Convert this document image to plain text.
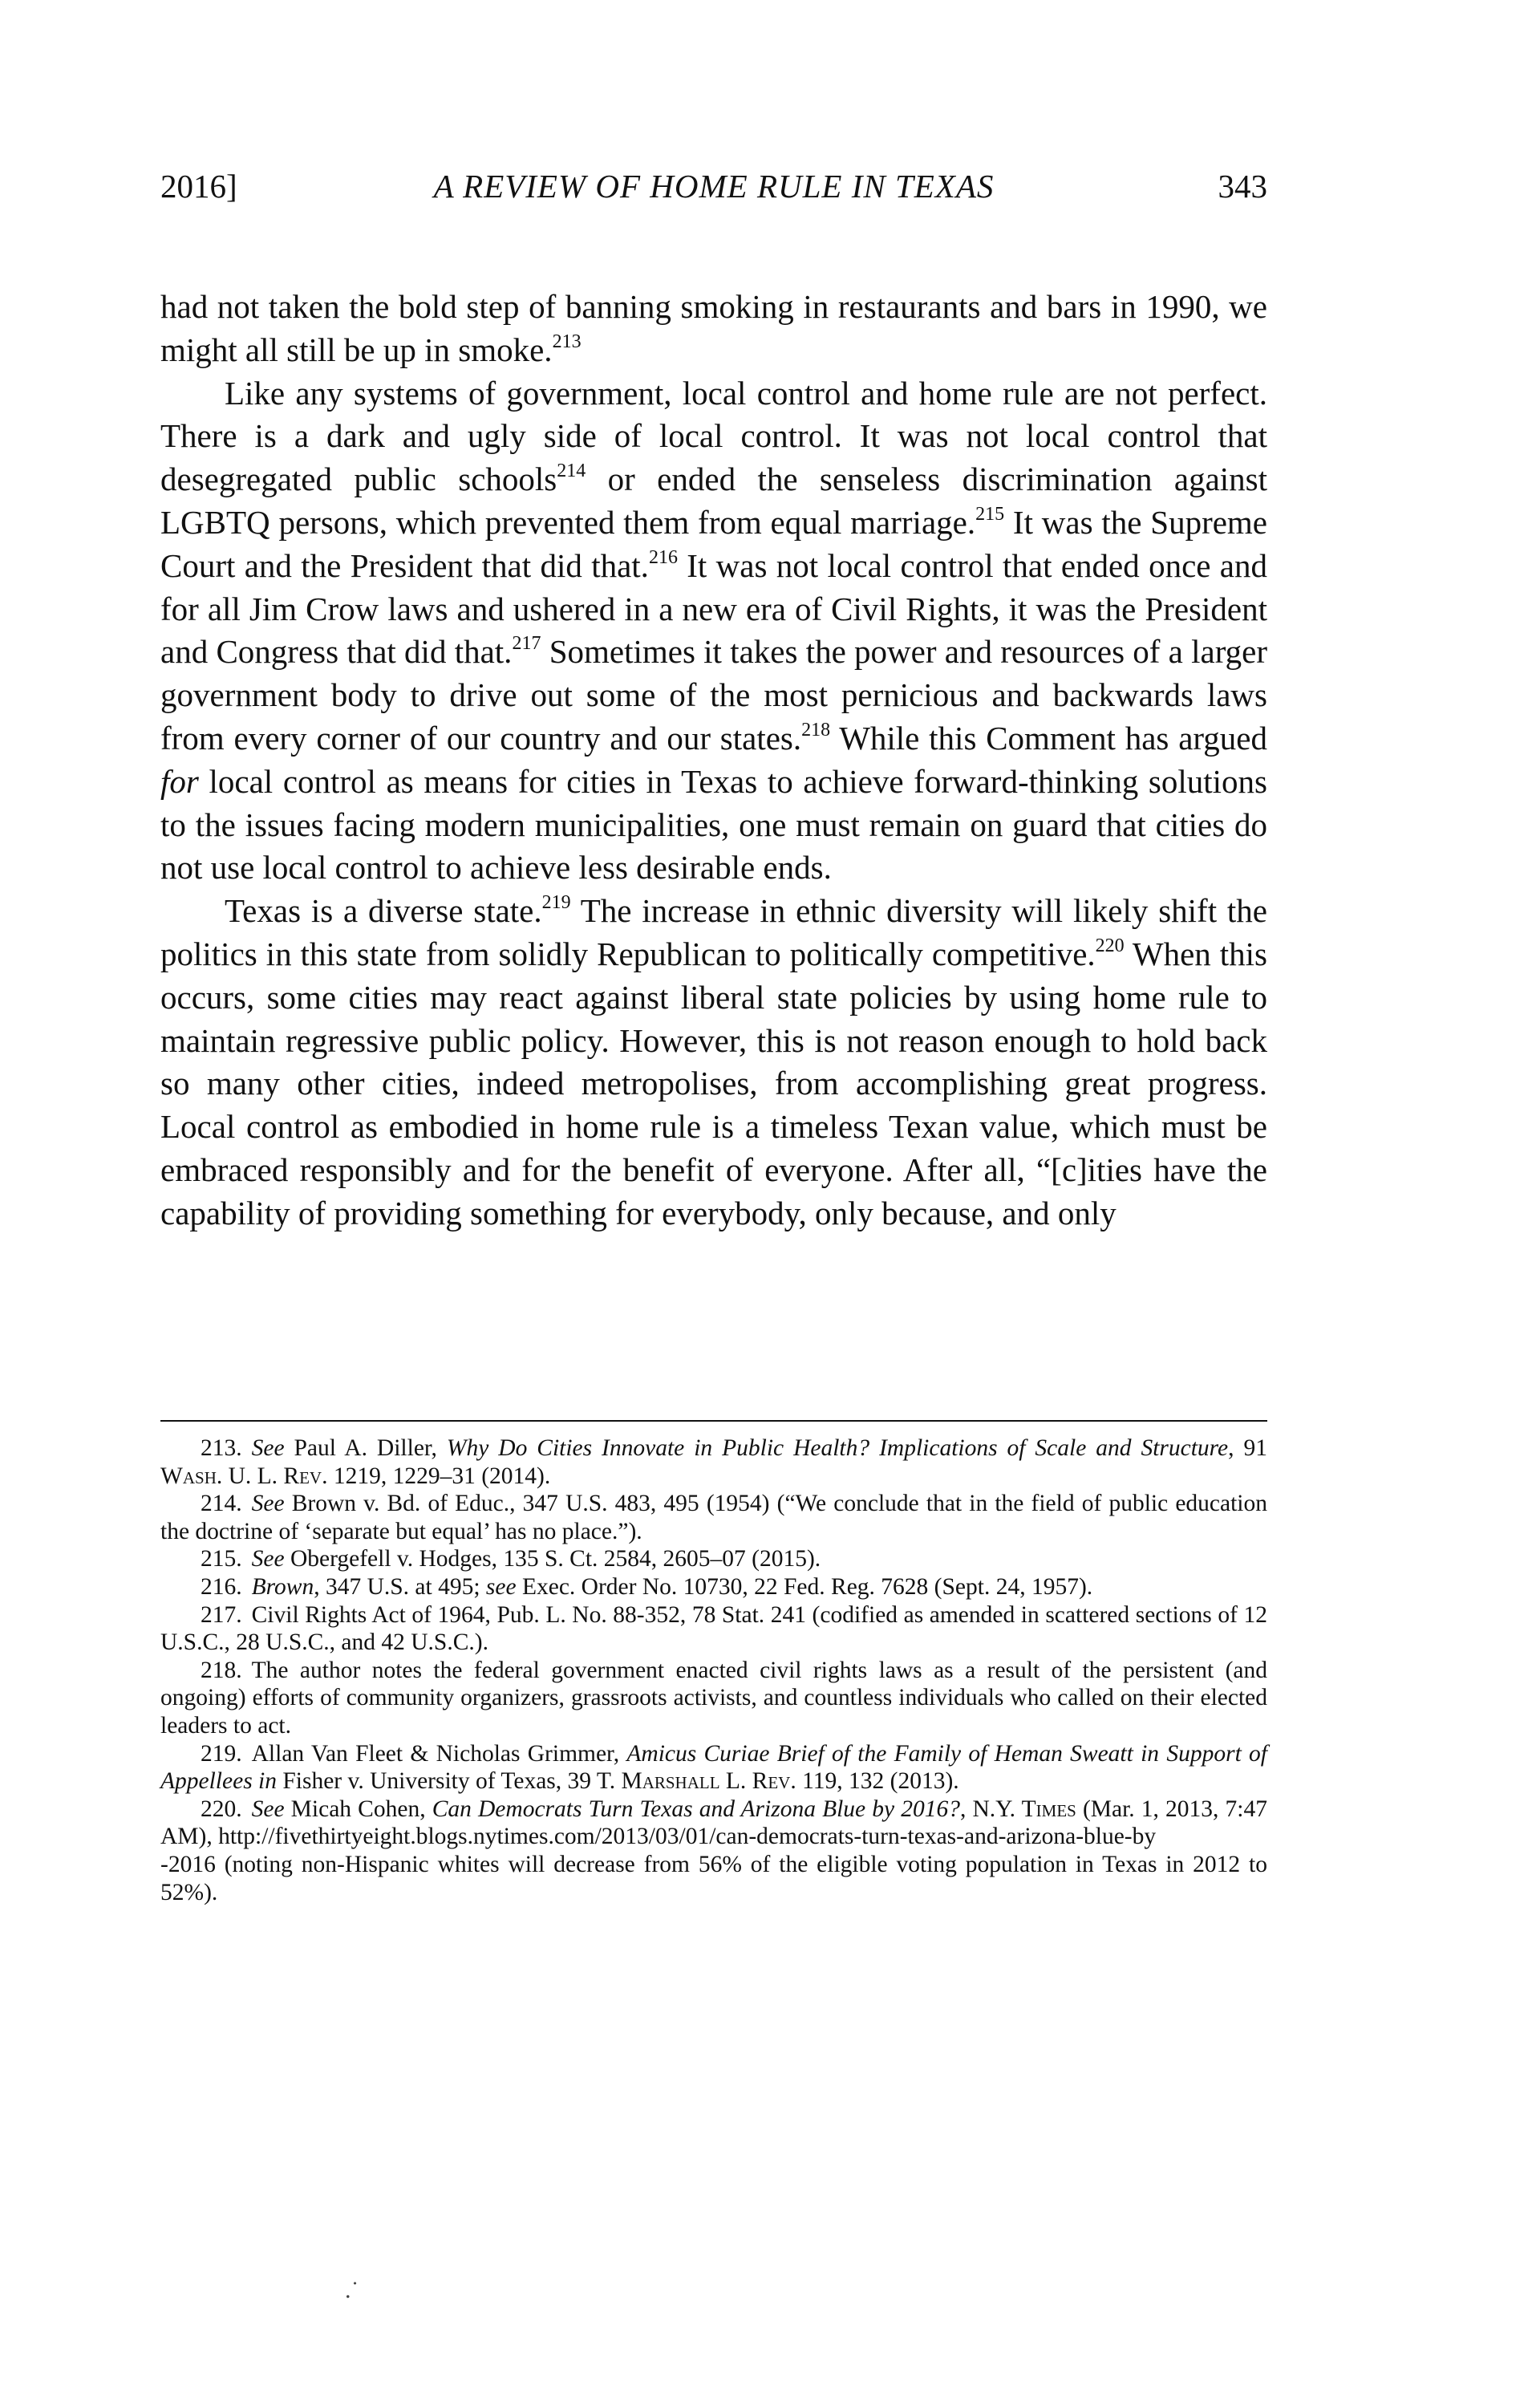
2016]	A REVIEW OF HOME RULE IN TEXAS	343

had not taken the bold step of banning smoking in restaurants and bars in 1990, we might all still be up in smoke.$^{213}$

Like any systems of government, local control and home rule are not perfect. There is a dark and ugly side of local control. It was not local control that desegregated public schools$^{214}$ or ended the senseless discrimination against LGBTQ persons, which prevented them from equal marriage.$^{215}$ It was the Supreme Court and the President that did that.$^{216}$ It was not local control that ended once and for all Jim Crow laws and ushered in a new era of Civil Rights, it was the President and Congress that did that.$^{217}$ Sometimes it takes the power and resources of a larger government body to drive out some of the most pernicious and backwards laws from every corner of our country and our states.$^{218}$ While this Comment has argued for local control as means for cities in Texas to achieve forward-thinking solutions to the issues facing modern municipalities, one must remain on guard that cities do not use local control to achieve less desirable ends.

Texas is a diverse state.$^{219}$ The increase in ethnic diversity will likely shift the politics in this state from solidly Republican to politically competitive.$^{220}$ When this occurs, some cities may react against liberal state policies by using home rule to maintain regressive public policy. However, this is not reason enough to hold back so many other cities, indeed metropolises, from accomplishing great progress. Local control as embodied in home rule is a timeless Texan value, which must be embraced responsibly and for the benefit of everyone. After all, “[c]ities have the capability of providing something for everybody, only because, and only

213. See Paul A. Diller, Why Do Cities Innovate in Public Health? Implications of Scale and Structure, 91 Wash. U. L. Rev. 1219, 1229–31 (2014).

214. See Brown v. Bd. of Educ., 347 U.S. 483, 495 (1954) (“We conclude that in the field of public education the doctrine of ‘separate but equal’ has no place.”).

215. See Obergefell v. Hodges, 135 S. Ct. 2584, 2605–07 (2015).

216. Brown, 347 U.S. at 495; see Exec. Order No. 10730, 22 Fed. Reg. 7628 (Sept. 24, 1957).

217. Civil Rights Act of 1964, Pub. L. No. 88-352, 78 Stat. 241 (codified as amended in scattered sections of 12 U.S.C., 28 U.S.C., and 42 U.S.C.).

218. The author notes the federal government enacted civil rights laws as a result of the persistent (and ongoing) efforts of community organizers, grassroots activists, and countless individuals who called on their elected leaders to act.

219. Allan Van Fleet & Nicholas Grimmer, Amicus Curiae Brief of the Family of Heman Sweatt in Support of Appellees in Fisher v. University of Texas, 39 T. Marshall L. Rev. 119, 132 (2013).

220. See Micah Cohen, Can Democrats Turn Texas and Arizona Blue by 2016?, N.Y. Times (Mar. 1, 2013, 7:47 AM), http://fivethirtyeight.blogs.nytimes.com/2013/03/01/can-democrats-turn-texas-and-arizona-blue-by

-2016 (noting non-Hispanic whites will decrease from 56% of the eligible voting population in Texas in 2012 to 52%).

.˙
